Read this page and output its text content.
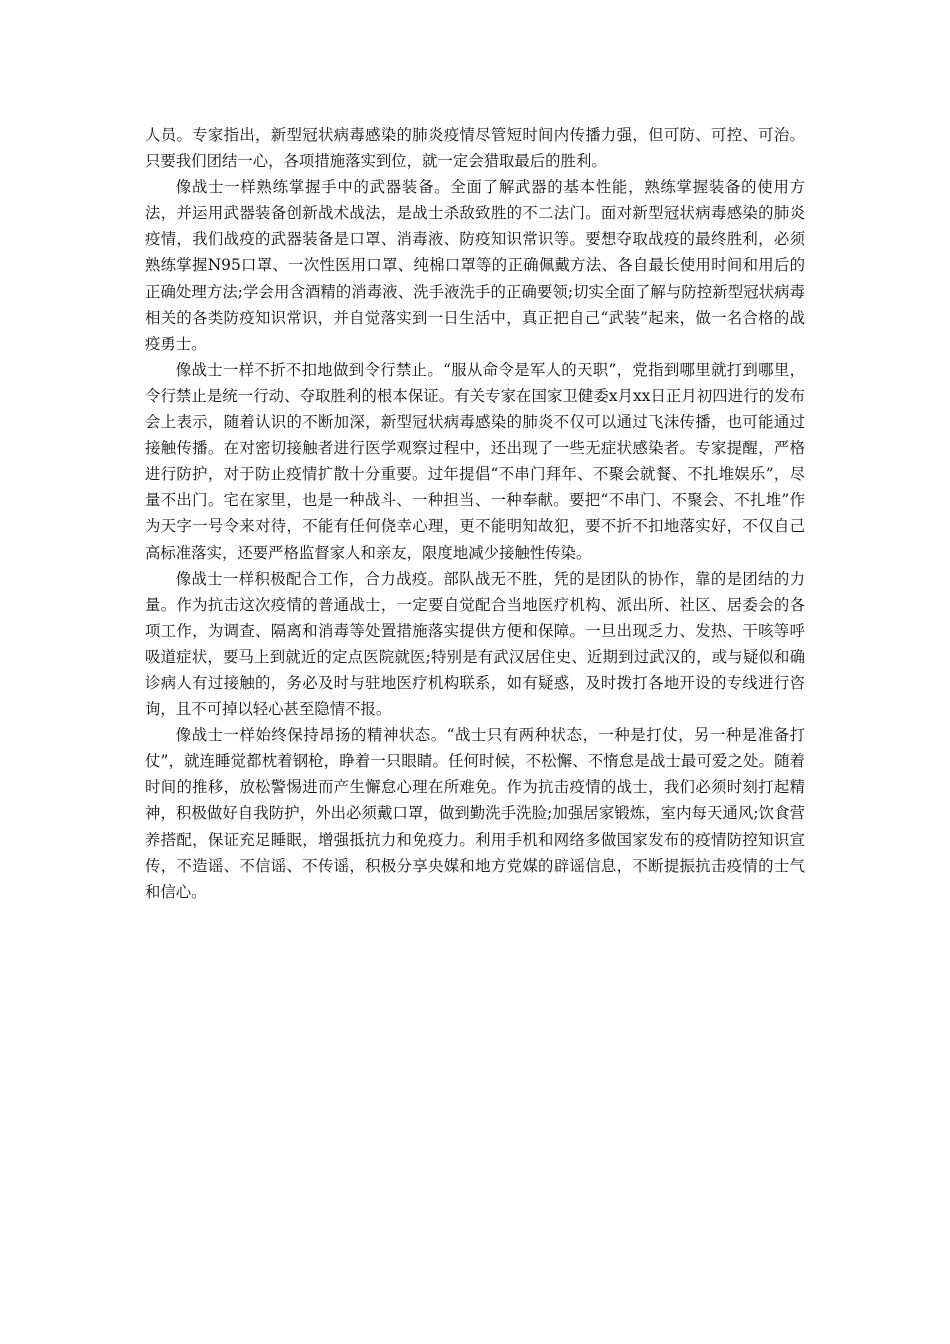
人员。专家指出，新型冠状病毒感染的肺炎疫情尽管短时间内传播力强，但可防、可控、可治。只要我们团结一心，各项措施落实到位，就一定会猎取最后的胜利。

像战士一样熟练掌握手中的武器装备。全面了解武器的基本性能，熟练掌握装备的使用方法，并运用武器装备创新战术战法，是战士杀敌致胜的不二法门。面对新型冠状病毒感染的肺炎疫情，我们战疫的武器装备是口罩、消毒液、防疫知识常识等。要想夺取战疫的最终胜利，必须熟练掌握N95口罩、一次性医用口罩、纯棉口罩等的正确佩戴方法、各自最长使用时间和用后的正确处理方法;学会用含酒精的消毒液、洗手液洗手的正确要领;切实全面了解与防控新型冠状病毒相关的各类防疫知识常识，并自觉落实到一日生活中，真正把自己“武装”起来，做一名合格的战疫勇士。

像战士一样不折不扣地做到令行禁止。“服从命令是军人的天职”，党指到哪里就打到哪里，令行禁止是统一行动、夺取胜利的根本保证。有关专家在国家卫健委x月xx日正月初四进行的发布会上表示，随着认识的不断加深，新型冠状病毒感染的肺炎不仅可以通过飞沫传播，也可能通过接触传播。在对密切接触者进行医学观察过程中，还出现了一些无症状感染者。专家提醒，严格进行防护，对于防止疫情扩散十分重要。过年提倡“不串门拜年、不聚会就餐、不扎堆娱乐”，尽量不出门。宅在家里，也是一种战斗、一种担当、一种奉献。要把“不串门、不聚会、不扎堆”作为天字一号令来对待，不能有任何侥幸心理，更不能明知故犯，要不折不扣地落实好，不仅自己高标准落实，还要严格监督家人和亲友，限度地减少接触性传染。

像战士一样积极配合工作，合力战疫。部队战无不胜，凭的是团队的协作，靠的是团结的力量。作为抗击这次疫情的普通战士，一定要自觉配合当地医疗机构、派出所、社区、居委会的各项工作，为调查、隔离和消毒等处置措施落实提供方便和保障。一旦出现乏力、发热、干咳等呼吸道症状，要马上到就近的定点医院就医;特别是有武汉居住史、近期到过武汉的，或与疑似和确诊病人有过接触的，务必及时与驻地医疗机构联系，如有疑惑，及时拨打各地开设的专线进行咨询，且不可掉以轻心甚至隐情不报。

像战士一样始终保持昂扬的精神状态。“战士只有两种状态，一种是打仗，另一种是准备打仗”，就连睡觉都枕着钢枪，睁着一只眼睛。任何时候，不松懈、不惰怠是战士最可爱之处。随着时间的推移，放松警惕进而产生懈怠心理在所难免。作为抗击疫情的战士，我们必须时刻打起精神，积极做好自我防护，外出必须戴口罩，做到勤洗手洗脸;加强居家锻炼，室内每天通风;饮食营养搭配，保证充足睡眠，增强抵抗力和免疫力。利用手机和网络多做国家发布的疫情防控知识宣传，不造谣、不信谣、不传谣，积极分享央媒和地方党媒的辟谣信息，不断提振抗击疫情的士气和信心。
